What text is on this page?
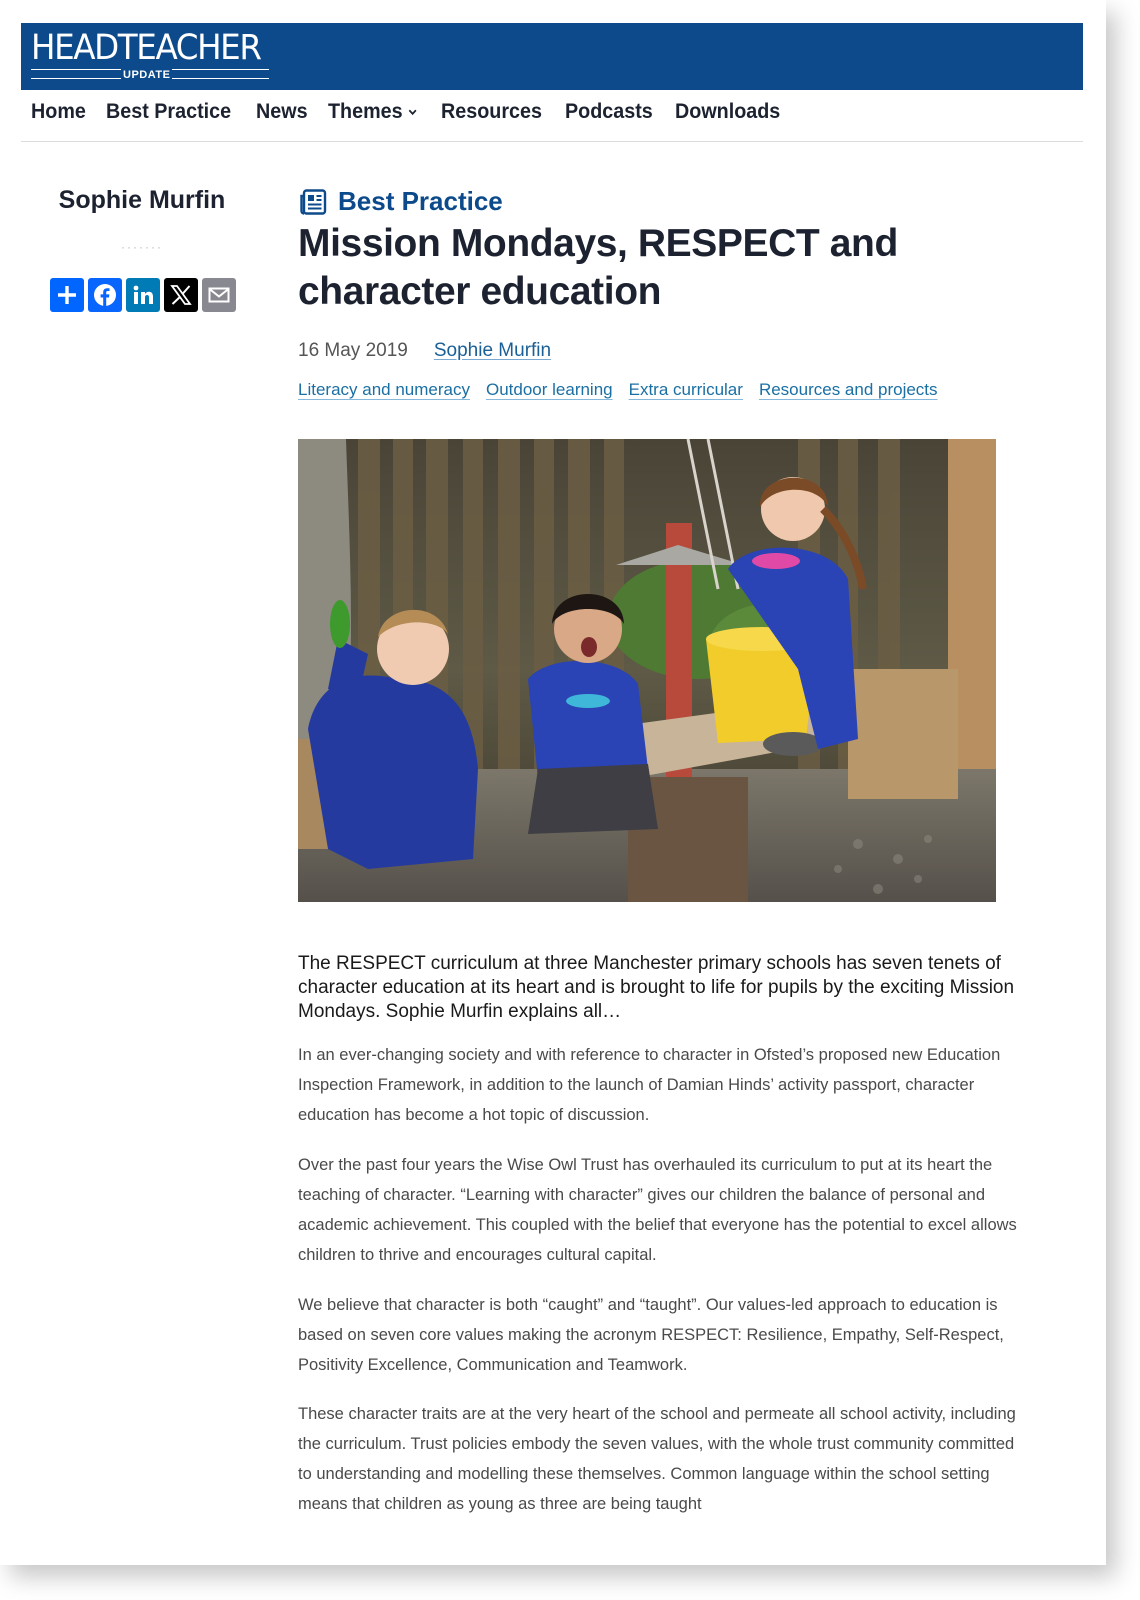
HEADTEACHER
UPDATE
Home Best Practice News Themes Resources Podcasts Downloads
Sophie Murfin
·······
Best Practice
Mission Mondays, RESPECT and character education
16 May 2019 Sophie Murfin
Literacy and numeracy Outdoor learning Extra curricular Resources and projects

The RESPECT curriculum at three Manchester primary schools has seven tenets of character education at its heart and is brought to life for pupils by the exciting Mission Mondays. Sophie Murfin explains all…

In an ever-changing society and with reference to character in Ofsted’s proposed new Education Inspection Framework, in addition to the launch of Damian Hinds’ activity passport, character education has become a hot topic of discussion.

Over the past four years the Wise Owl Trust has overhauled its curriculum to put at its heart the teaching of character. “Learning with character” gives our children the balance of personal and academic achievement. This coupled with the belief that everyone has the potential to excel allows children to thrive and encourages cultural capital.

We believe that character is both “caught” and “taught”. Our values-led approach to education is based on seven core values making the acronym RESPECT: Resilience, Empathy, Self-Respect, Positivity Excellence, Communication and Teamwork.

These character traits are at the very heart of the school and permeate all school activity, including the curriculum. Trust policies embody the seven values, with the whole trust community committed to understanding and modelling these themselves. Common language within the school setting means that children as young as three are being taught
